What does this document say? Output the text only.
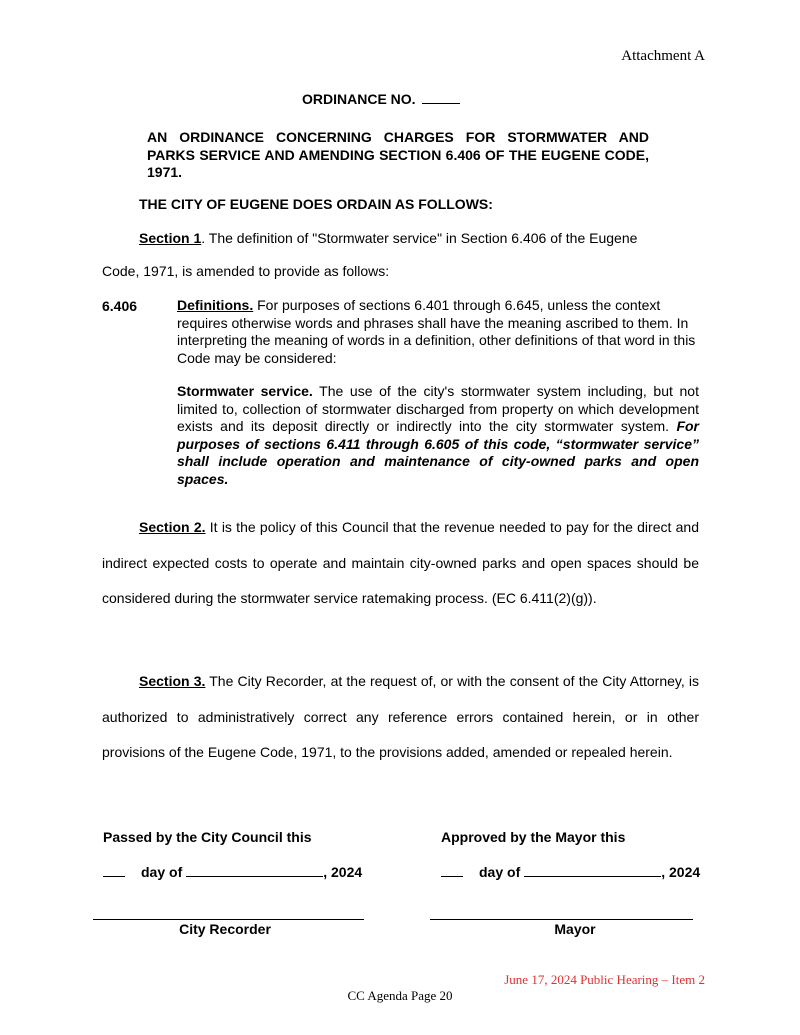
Attachment A
ORDINANCE NO.
AN ORDINANCE CONCERNING CHARGES FOR STORMWATER AND PARKS SERVICE AND AMENDING SECTION 6.406 OF THE EUGENE CODE, 1971.
THE CITY OF EUGENE DOES ORDAIN AS FOLLOWS:
Section 1. The definition of "Stormwater service" in Section 6.406 of the Eugene
Code, 1971, is amended to provide as follows:
6.406	Definitions. For purposes of sections 6.401 through 6.645, unless the context requires otherwise words and phrases shall have the meaning ascribed to them. In interpreting the meaning of words in a definition, other definitions of that word in this Code may be considered:
Stormwater service. The use of the city's stormwater system including, but not limited to, collection of stormwater discharged from property on which development exists and its deposit directly or indirectly into the city stormwater system. For purposes of sections 6.411 through 6.605 of this code, “stormwater service” shall include operation and maintenance of city-owned parks and open spaces.
Section 2. It is the policy of this Council that the revenue needed to pay for the direct and indirect expected costs to operate and maintain city-owned parks and open spaces should be considered during the stormwater service ratemaking process. (EC 6.411(2)(g)).
Section 3. The City Recorder, at the request of, or with the consent of the City Attorney, is authorized to administratively correct any reference errors contained herein, or in other provisions of the Eugene Code, 1971, to the provisions added, amended or repealed herein.
Passed by the City Council this	Approved by the Mayor this
day of	, 2024	day of	, 2024
City Recorder	Mayor
June 17, 2024 Public Hearing – Item 2
CC Agenda Page 20
